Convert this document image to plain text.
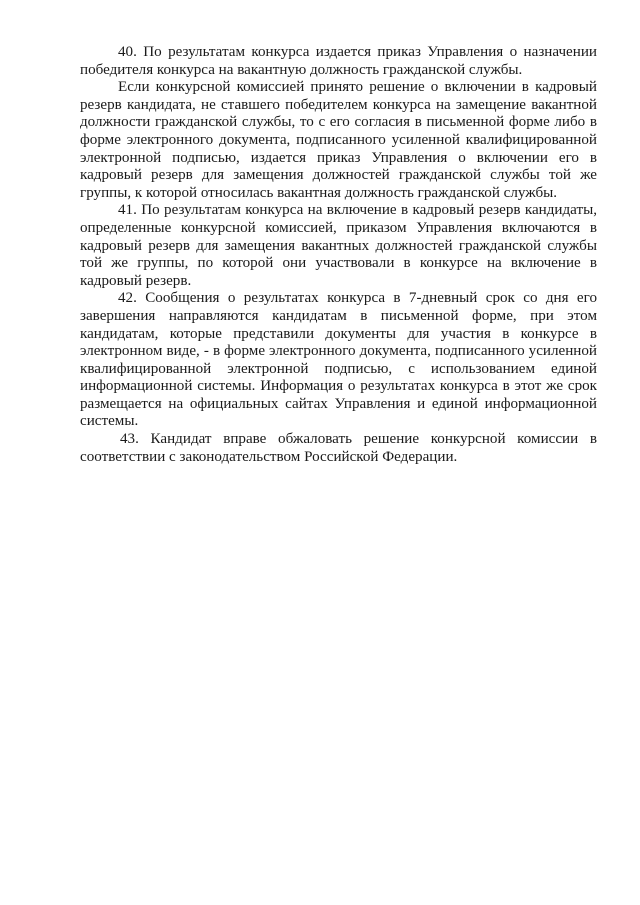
40. По результатам конкурса издается приказ Управления о назначении победителя конкурса на вакантную должность гражданской службы.

Если конкурсной комиссией принято решение о включении в кадровый резерв кандидата, не ставшего победителем конкурса на замещение вакантной должности гражданской службы, то с его согласия в письменной форме либо в форме электронного документа, подписанного усиленной квалифицированной электронной подписью, издается приказ Управления о включении его в кадровый резерв для замещения должностей гражданской службы той же группы, к которой относилась вакантная должность гражданской службы.

41. По результатам конкурса на включение в кадровый резерв кандидаты, определенные конкурсной комиссией, приказом Управления включаются в кадровый резерв для замещения вакантных должностей гражданской службы той же группы, по которой они участвовали в конкурсе на включение в кадровый резерв.

42. Сообщения о результатах конкурса в 7-дневный срок со дня его завершения направляются кандидатам в письменной форме, при этом кандидатам, которые представили документы для участия в конкурсе в электронном виде, - в форме электронного документа, подписанного усиленной квалифицированной электронной подписью, с использованием единой информационной системы. Информация о результатах конкурса в этот же срок размещается на официальных сайтах Управления и единой информационной системы.

43. Кандидат вправе обжаловать решение конкурсной комиссии в соответствии с законодательством Российской Федерации.
